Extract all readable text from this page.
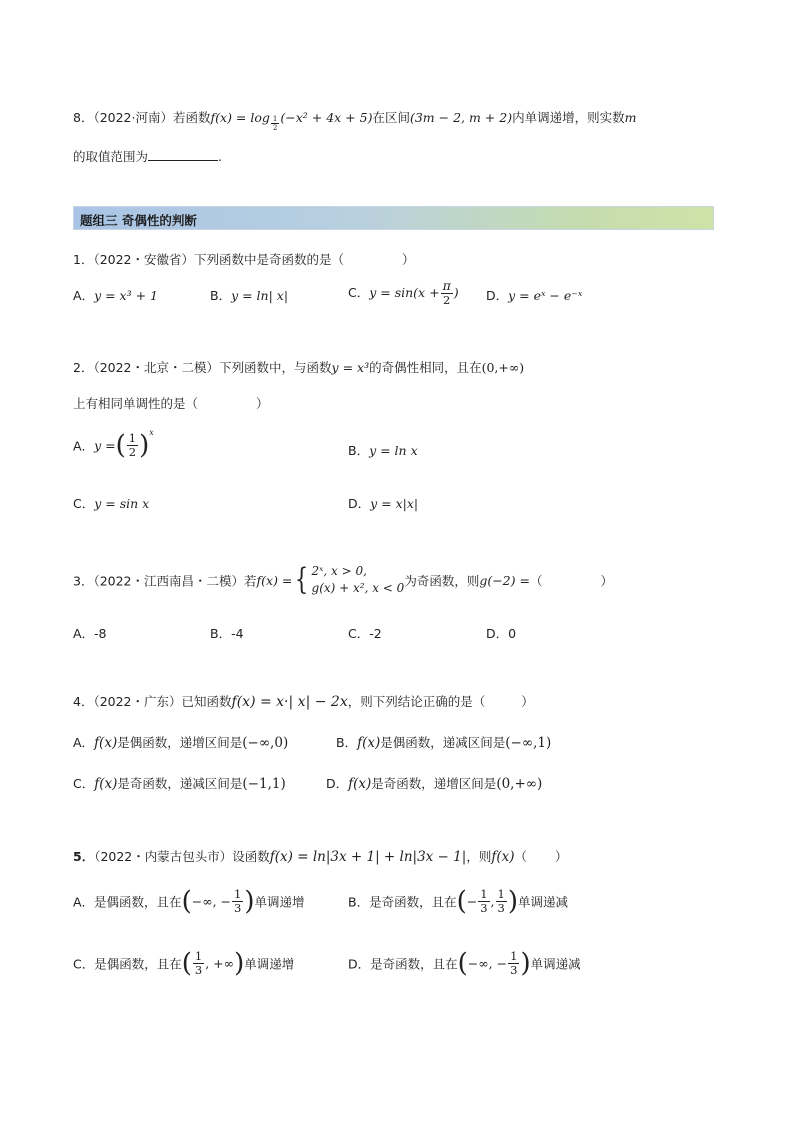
8．（2022·河南）若函数$f(x) = \log \frac{1}{2} (-x^2 + 4x + 5)$在区间(3m − 2, m + 2)内单调递增，则实数m
的取值范围为	.
题组三 奇偶性的判断
1．（2022・安徽省）下列函数中是奇函数的是（	）
A．y = x³ + 1	B．y = ln| x|	C．$y = \sin(x + \frac{\pi}{2}$ ) D．y = eˣ − e⁻ˣ
2．（2022・北京・二模）下列函数中，与函数y = x³的奇偶性相同，且在(0,+∞)
上有相同单调性的是（	）
A．y =( $\frac{1}{2} )^x$
B．y = ln x
C．y = sin x	D．y = x|x|
3．（2022・江西南昌・二模）若f(x) ={ 2ˣ, x > 0,
g(x) + x², x < 0 为奇函数，则g(−2) =（	）
A．-8	B．-4	C．-2	D．0
4．（2022・广东）已知函数f(x) = x·| x| − 2x，则下列结论正确的是（	）
A．f(x)是偶函数，递增区间是(−∞,0)	B．f(x)是偶函数，递减区间是(−∞,1)
C．f(x)是奇函数，递减区间是(−1,1)	D．f(x)是奇函数，递增区间是(0,+∞)
5．（2022・内蒙古包头市）设函数f(x) = ln|3x + 1| + ln|3x − 1|，则f(x)（ ）
A．是偶函数，且在(−∞, − $\frac{1}{3}$ )单调递增	B．是奇函数，且在(− $\frac{1}{3}$ , $\frac{1}{3}$ )单调递减
C．是偶函数，且在( $\frac{1}{3}$ , +∞)单调递增	D．是奇函数，且在(−∞, − $\frac{1}{3}$ )单调递减
